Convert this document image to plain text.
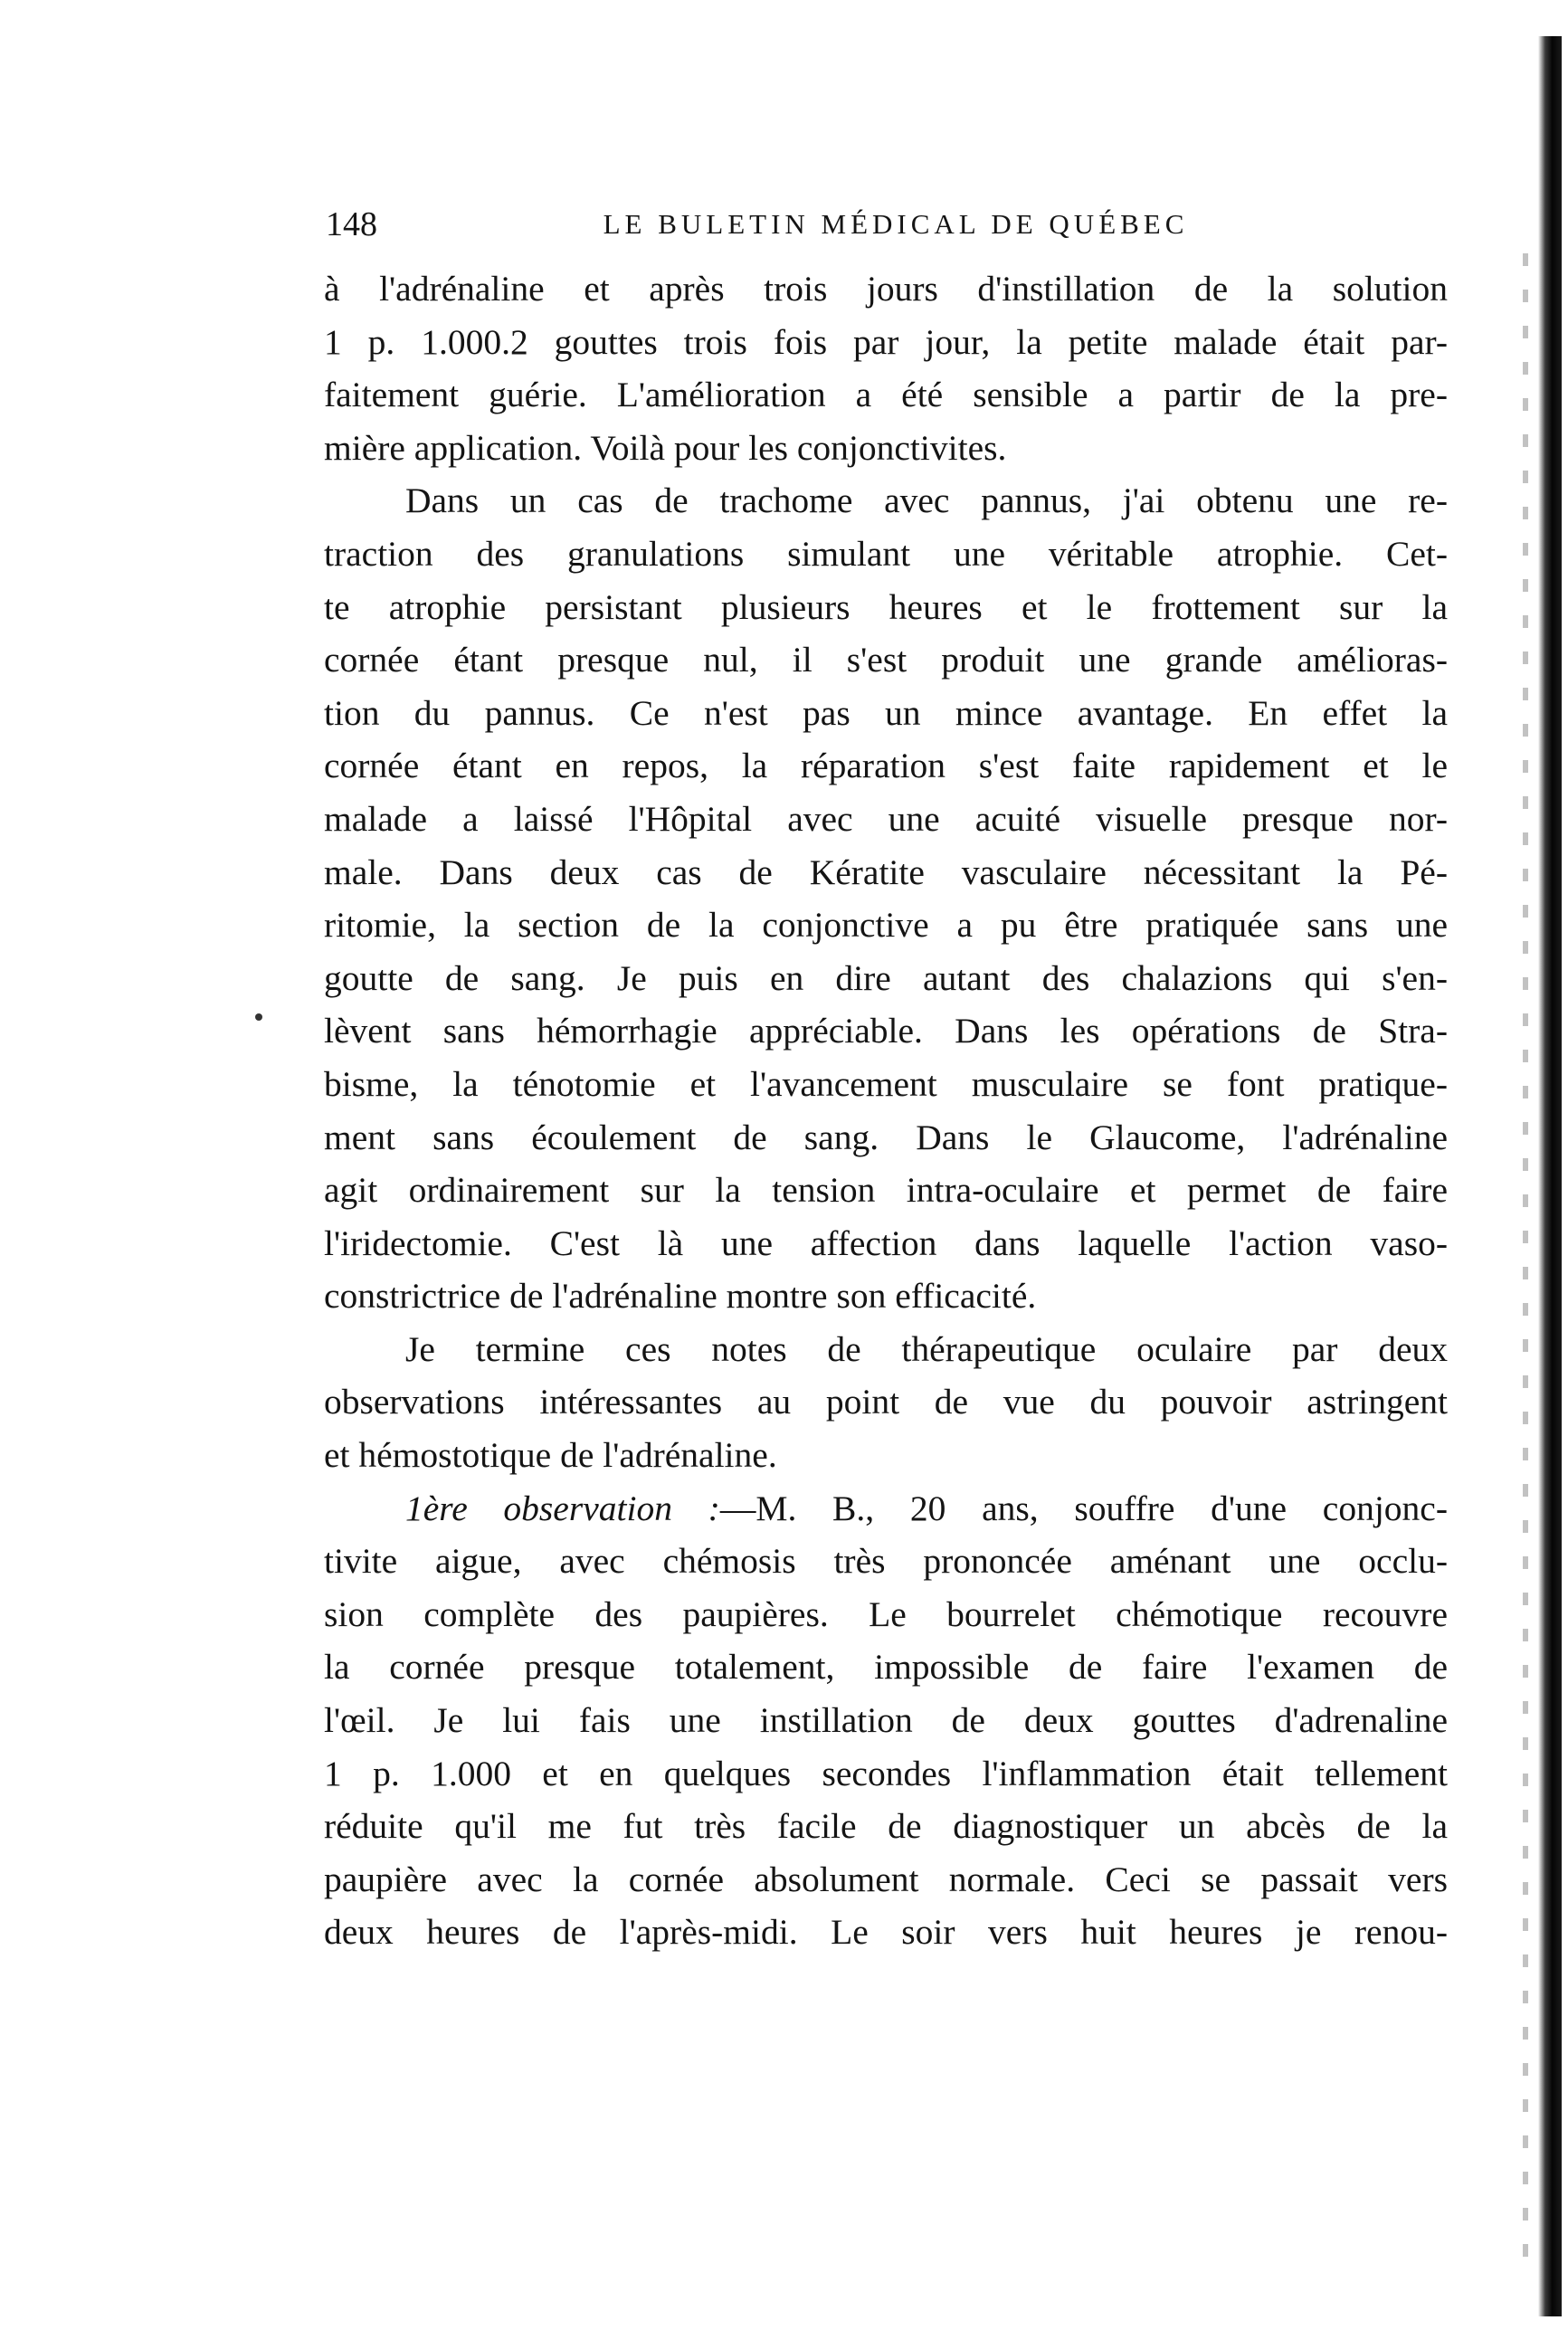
148	LE BULETIN MÉDICAL DE QUÉBEC
à l'adrénaline et après trois jours d'instillation de la solution
1 p. 1.000.2 gouttes trois fois par jour, la petite malade était par-
faitement guérie. L'amélioration a été sensible a partir de la pre-
mière application. Voilà pour les conjonctivites.
Dans un cas de trachome avec pannus, j'ai obtenu une re-
traction des granulations simulant une véritable atrophie. Cet-
te atrophie persistant plusieurs heures et le frottement sur la
cornée étant presque nul, il s'est produit une grande amélioras-
tion du pannus. Ce n'est pas un mince avantage. En effet la
cornée étant en repos, la réparation s'est faite rapidement et le
malade a laissé l'Hôpital avec une acuité visuelle presque nor-
male. Dans deux cas de Kératite vasculaire nécessitant la Pé-
ritomie, la section de la conjonctive a pu être pratiquée sans une
goutte de sang. Je puis en dire autant des chalazions qui s'en-
lèvent sans hémorrhagie appréciable. Dans les opérations de Stra-
bisme, la ténotomie et l'avancement musculaire se font pratique-
ment sans écoulement de sang. Dans le Glaucome, l'adrénaline
agit ordinairement sur la tension intra-oculaire et permet de faire
l'iridectomie. C'est là une affection dans laquelle l'action vaso-
constrictrice de l'adrénaline montre son efficacité.
Je termine ces notes de thérapeutique oculaire par deux
observations intéressantes au point de vue du pouvoir astringent
et hémostotique de l'adrénaline.
1ère observation :—M. B., 20 ans, souffre d'une conjonc-
tivite aigue, avec chémosis très prononcée aménant une occlu-
sion complète des paupières. Le bourrelet chémotique recouvre
la cornée presque totalement, impossible de faire l'examen de
l'œil. Je lui fais une instillation de deux gouttes d'adrenaline
1 p. 1.000 et en quelques secondes l'inflammation était tellement
réduite qu'il me fut très facile de diagnostiquer un abcès de la
paupière avec la cornée absolument normale. Ceci se passait vers
deux heures de l'après-midi. Le soir vers huit heures je renou-
